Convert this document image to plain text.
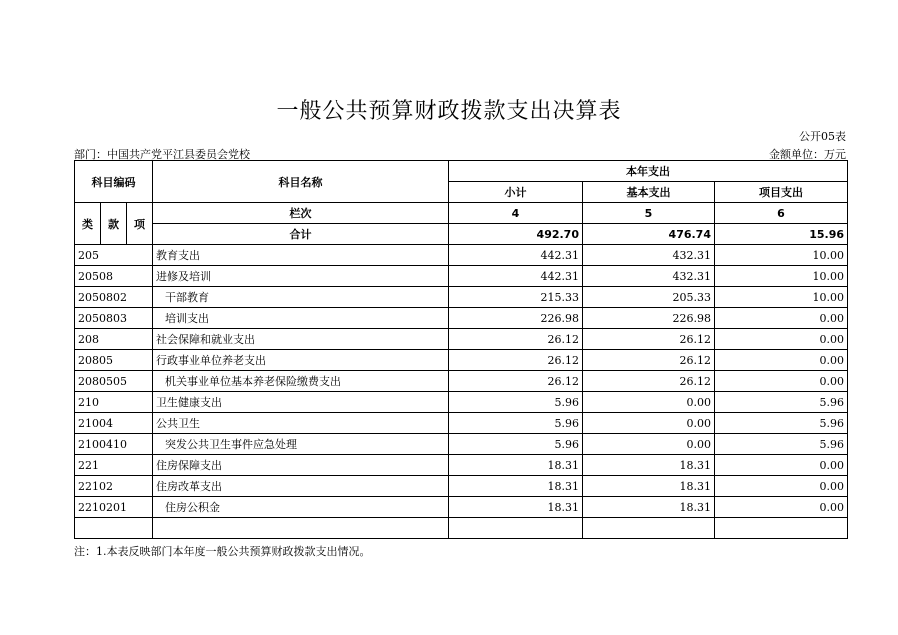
一般公共预算财政拨款支出决算表
公开05表
部门：中国共产党平江县委员会党校	金额单位：万元
科目编码			科目名称	本年支出		
				小计	基本支出	项目支出
类	款	项	栏次	4	5	6
			合计	492.70	476.74	15.96
205			教育支出	442.31	432.31	10.00
20508			进修及培训	442.31	432.31	10.00
2050802			干部教育	215.33	205.33	10.00
2050803			培训支出	226.98	226.98	0.00
208			社会保障和就业支出	26.12	26.12	0.00
20805			行政事业单位养老支出	26.12	26.12	0.00
2080505			机关事业单位基本养老保险缴费支出	26.12	26.12	0.00
210			卫生健康支出	5.96	0.00	5.96
21004			公共卫生	5.96	0.00	5.96
2100410			突发公共卫生事件应急处理	5.96	0.00	5.96
221			住房保障支出	18.31	18.31	0.00
22102			住房改革支出	18.31	18.31	0.00
2210201			住房公积金	18.31	18.31	0.00

注：1.本表反映部门本年度一般公共预算财政拨款支出情况。
